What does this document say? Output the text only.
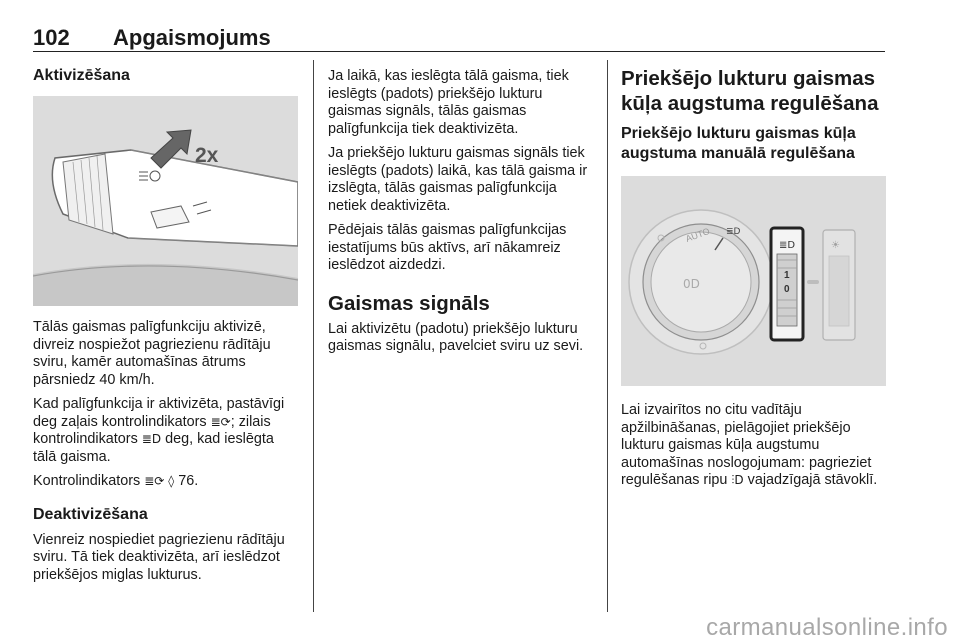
102 Apgaismojums
Aktivizēšana
2x

Tālās gaismas palīgfunkciju aktivizē, divreiz nospiežot pagriezienu rādītāju sviru, kamēr automašīnas ātrums pārsniedz 40 km/h.

Kad palīgfunkcija ir aktivizēta, pastāvīgi deg zaļais kontrolindikators ≣⟳; zilais kontrolindikators ≣D deg, kad ieslēgta tālā gaisma.

Kontrolindikators ≣⟳ ◊ 76.

Deaktivizēšana

Vienreiz nospiediet pagriezienu rādītāju sviru. Tā tiek deaktivizēta, arī ieslēdzot priekšējos miglas lukturus.

Ja laikā, kas ieslēgta tālā gaisma, tiek ieslēgts (padots) priekšējo lukturu gaismas signāls, tālās gaismas palīgfunkcija tiek deaktivizēta.

Ja priekšējo lukturu gaismas signāls tiek ieslēgts (padots) laikā, kas tālā gaisma ir izslēgta, tālās gaismas palīgfunkcija netiek deaktivizēta.

Pēdējais tālās gaismas palīgfunkcijas iestatījums būs aktīvs, arī nākamreiz ieslēdzot aizdedzi.

Gaismas signāls

Lai aktivizētu (padotu) priekšējo lukturu gaismas signālu, pavelciet sviru uz sevi.

Priekšējo lukturu gaismas kūļa augstuma regulēšana
Priekšējo lukturu gaismas kūļa augstuma manuālā regulēšana
0D
AUTO ≣D
≣D
1
0
☀

Lai izvairītos no citu vadītāju apžilbināšanas, pielāgojiet priekšējo lukturu gaismas kūļa augstumu automašīnas noslogojumam: pagrieziet regulēšanas ripu ⫶D vajadzīgajā stāvoklī.

carmanualsonline.info
